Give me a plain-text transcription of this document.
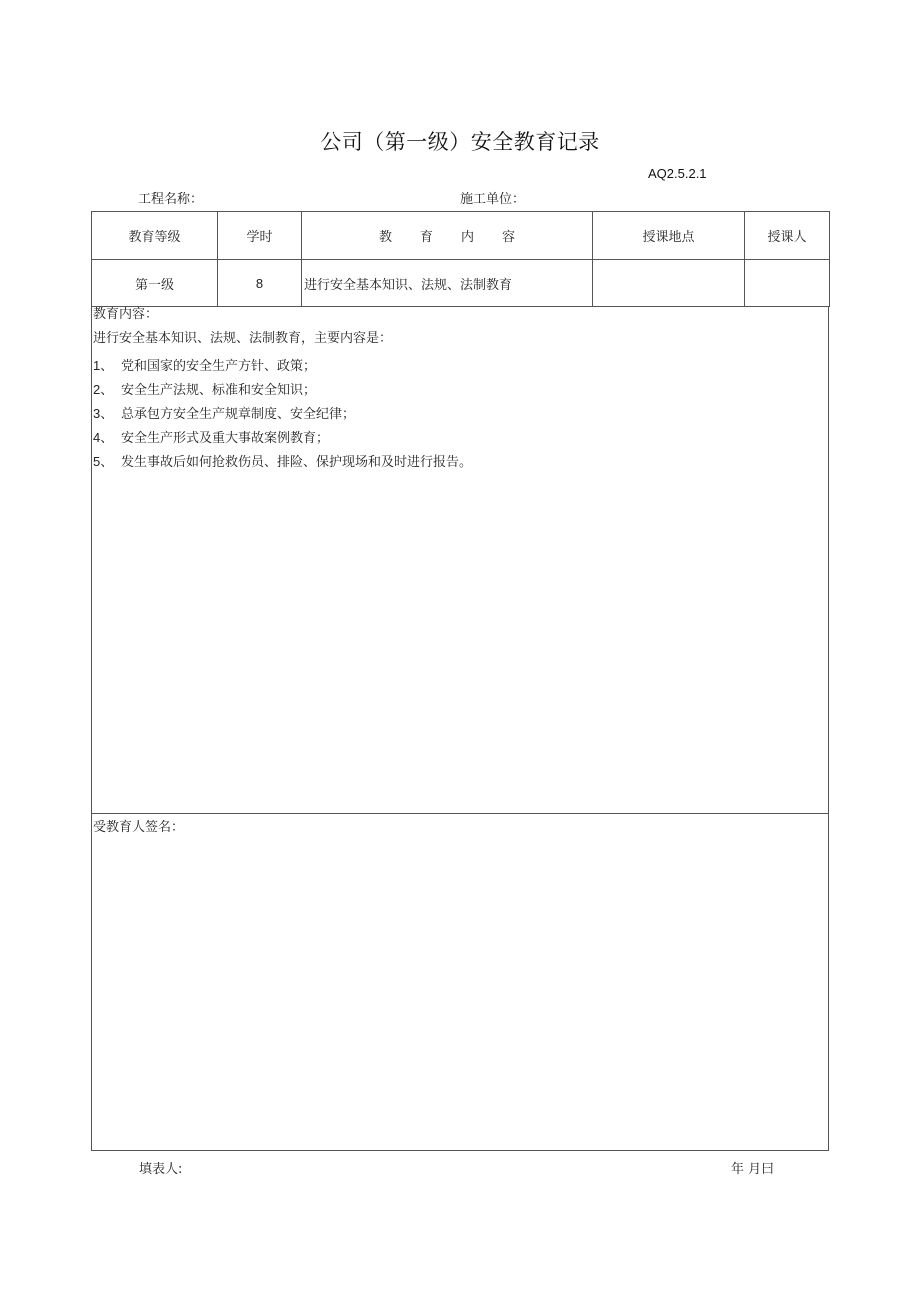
公司（第一级）安全教育记录
AQ2.5.2.1
工程名称：	施工单位：
教育等级	学时	教育内容	授课地点	授课人
第一级	8	进行安全基本知识、法规、法制教育		
教育内容：
进行安全基本知识、法规、法制教育，主要内容是：
1、 党和国家的安全生产方针、政策；
2、 安全生产法规、标准和安全知识；
3、 总承包方安全生产规章制度、安全纪律；
4、 安全生产形式及重大事故案例教育；
5、 发生事故后如何抢救伤员、排险、保护现场和及时进行报告。
受教育人签名：
填表人:	年 月曰
